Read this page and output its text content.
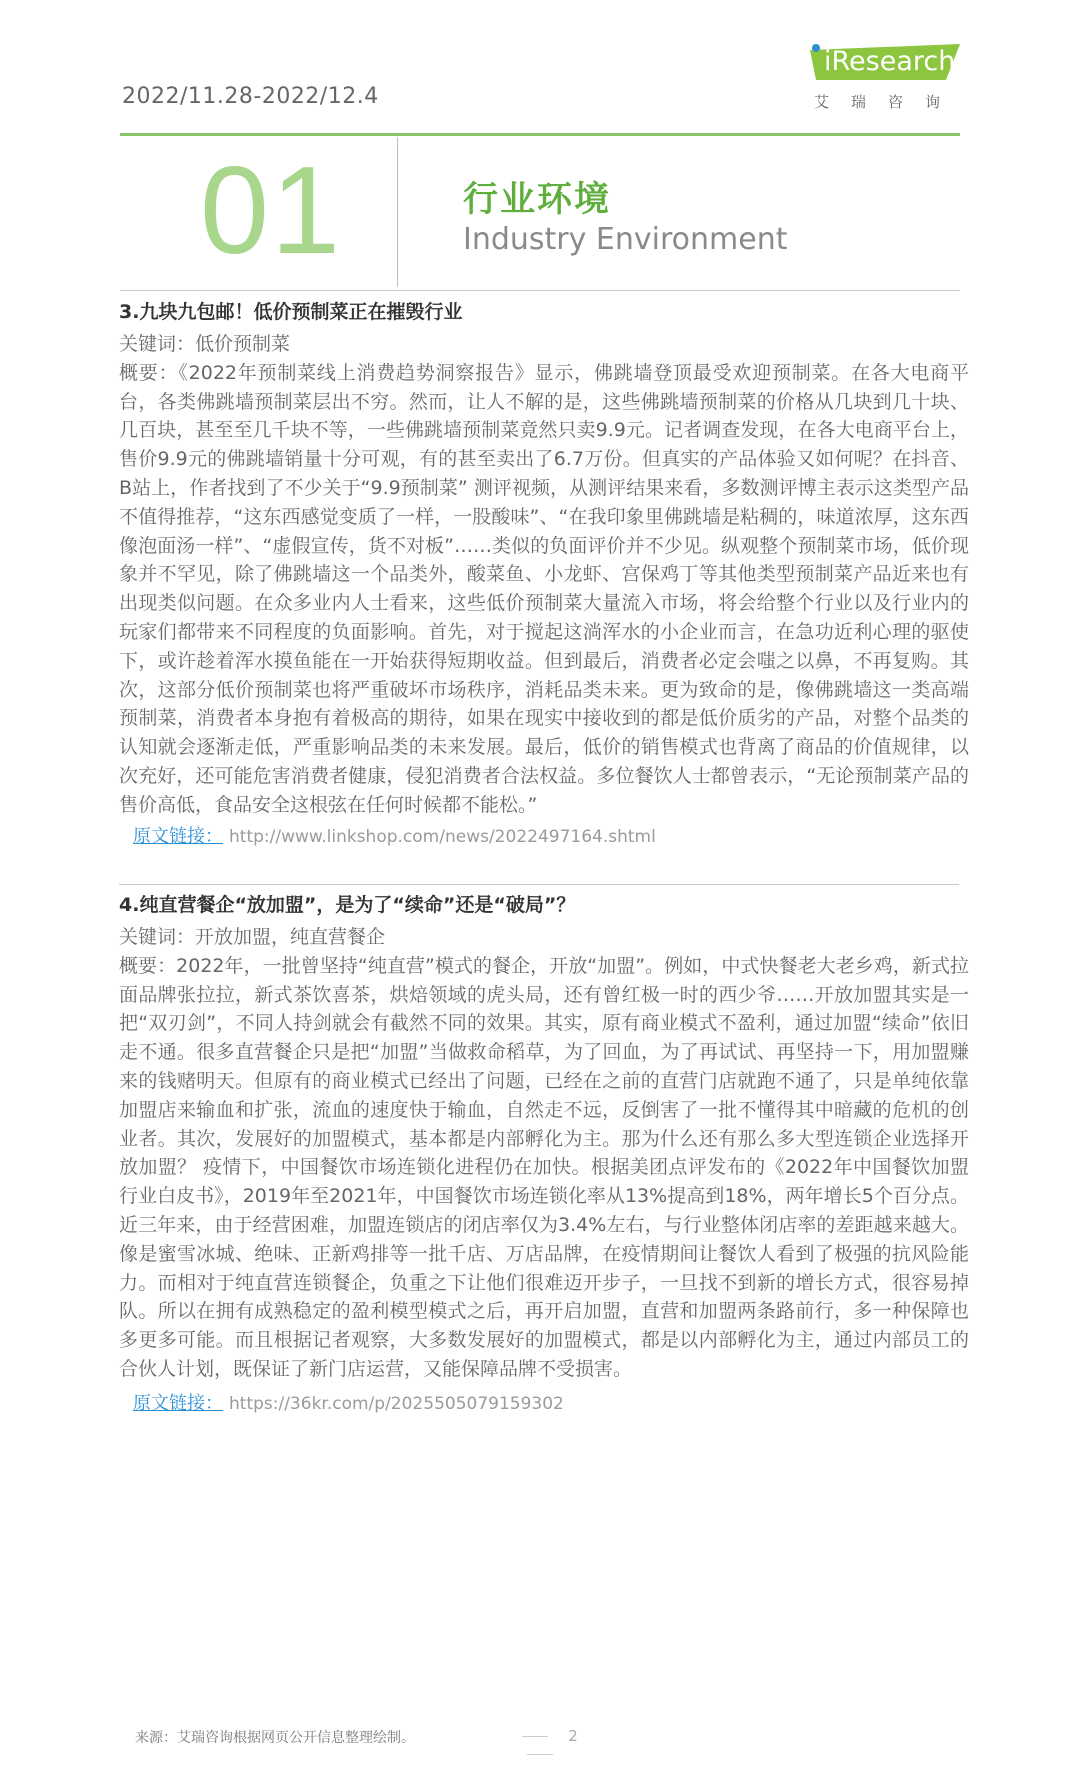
2022/11.28-2022/12.4
iResearch
艾瑞咨询
01	行业环境
Industry Environment

3.九块九包邮！低价预制菜正在摧毁行业

关键词：低价预制菜

概要：《2022年预制菜线上消费趋势洞察报告》显示，佛跳墙登顶最受欢迎预制菜。在各大电商平台，各类佛跳墙预制菜层出不穷。然而，让人不解的是，这些佛跳墙预制菜的价格从几块到几十块、几百块，甚至至几千块不等，一些佛跳墙预制菜竟然只卖9.9元。记者调查发现，在各大电商平台上，售价9.9元的佛跳墙销量十分可观，有的甚至卖出了6.7万份。但真实的产品体验又如何呢？在抖音、B站上，作者找到了不少关于“9.9预制菜” 测评视频，从测评结果来看，多数测评博主表示这类型产品不值得推荐，“这东西感觉变质了一样，一股酸味”、“在我印象里佛跳墙是粘稠的，味道浓厚，这东西像泡面汤一样”、“虚假宣传，货不对板”……类似的负面评价并不少见。纵观整个预制菜市场，低价现象并不罕见，除了佛跳墙这一个品类外，酸菜鱼、小龙虾、宫保鸡丁等其他类型预制菜产品近来也有出现类似问题。在众多业内人士看来，这些低价预制菜大量流入市场，将会给整个行业以及行业内的玩家们都带来不同程度的负面影响。首先，对于搅起这淌浑水的小企业而言，在急功近利心理的驱使下，或许趁着浑水摸鱼能在一开始获得短期收益。但到最后，消费者必定会嗤之以鼻，不再复购。其次，这部分低价预制菜也将严重破坏市场秩序，消耗品类未来。更为致命的是，像佛跳墙这一类高端预制菜，消费者本身抱有着极高的期待，如果在现实中接收到的都是低价质劣的产品，对整个品类的认知就会逐渐走低，严重影响品类的未来发展。最后，低价的销售模式也背离了商品的价值规律，以次充好，还可能危害消费者健康，侵犯消费者合法权益。多位餐饮人士都曾表示，“无论预制菜产品的售价高低，食品安全这根弦在任何时候都不能松。”

原文链接： http://www.linkshop.com/news/2022497164.shtml

4.纯直营餐企“放加盟”，是为了“续命”还是“破局”？

关键词：开放加盟，纯直营餐企

概要：2022年，一批曾坚持“纯直营”模式的餐企，开放“加盟”。例如，中式快餐老大老乡鸡，新式拉面品牌张拉拉，新式茶饮喜茶，烘焙领域的虎头局，还有曾红极一时的西少爷……开放加盟其实是一把“双刃剑”，不同人持剑就会有截然不同的效果。其实，原有商业模式不盈利，通过加盟“续命”依旧走不通。很多直营餐企只是把“加盟”当做救命稻草，为了回血，为了再试试、再坚持一下，用加盟赚来的钱赌明天。但原有的商业模式已经出了问题，已经在之前的直营门店就跑不通了，只是单纯依靠加盟店来输血和扩张，流血的速度快于输血，自然走不远，反倒害了一批不懂得其中暗藏的危机的创业者。其次，发展好的加盟模式，基本都是内部孵化为主。那为什么还有那么多大型连锁企业选择开放加盟？ 疫情下，中国餐饮市场连锁化进程仍在加快。根据美团点评发布的《2022年中国餐饮加盟行业白皮书》，2019年至2021年，中国餐饮市场连锁化率从13%提高到18%，两年增长5个百分点。近三年来，由于经营困难，加盟连锁店的闭店率仅为3.4%左右，与行业整体闭店率的差距越来越大。像是蜜雪冰城、绝味、正新鸡排等一批千店、万店品牌，在疫情期间让餐饮人看到了极强的抗风险能力。而相对于纯直营连锁餐企，负重之下让他们很难迈开步子，一旦找不到新的增长方式，很容易掉队。所以在拥有成熟稳定的盈利模型模式之后，再开启加盟，直营和加盟两条路前行，多一种保障也多更多可能。而且根据记者观察，大多数发展好的加盟模式，都是以内部孵化为主，通过内部员工的合伙人计划，既保证了新门店运营，又能保障品牌不受损害。

原文链接： https://36kr.com/p/2025505079159302
来源：艾瑞咨询根据网页公开信息整理绘制。	2
